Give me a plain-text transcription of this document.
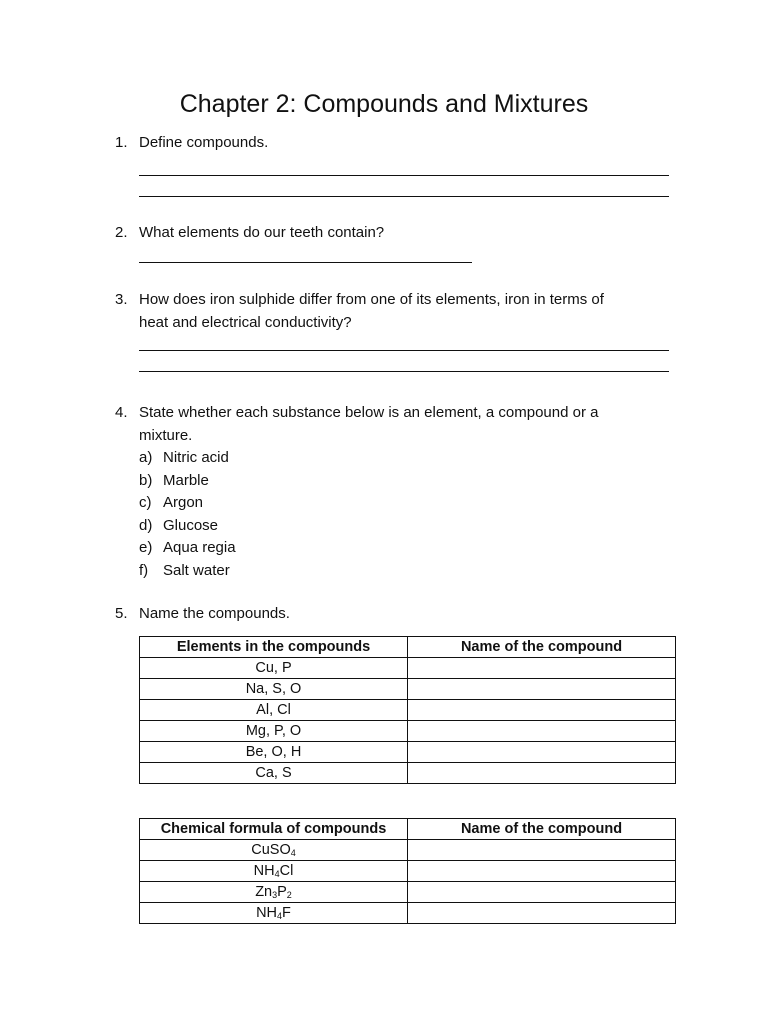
Chapter 2: Compounds and Mixtures
1. Define compounds.
2. What elements do our teeth contain?
3. How does iron sulphide differ from one of its elements, iron in terms of
heat and electrical conductivity?
4. State whether each substance below is an element, a compound or a
mixture.
a) Nitric acid
b) Marble
c) Argon
d) Glucose
e) Aqua regia
f) Salt water
5. Name the compounds.
Elements in the compounds	Name of the compound
Cu, P	
Na, S, O	
Al, Cl	
Mg, P, O	
Be, O, H	
Ca, S	
Chemical formula of compounds	Name of the compound
CuSO$_4$	
$NH_4Cl$	
$Zn_3P_2$	
$NH_4F$	
